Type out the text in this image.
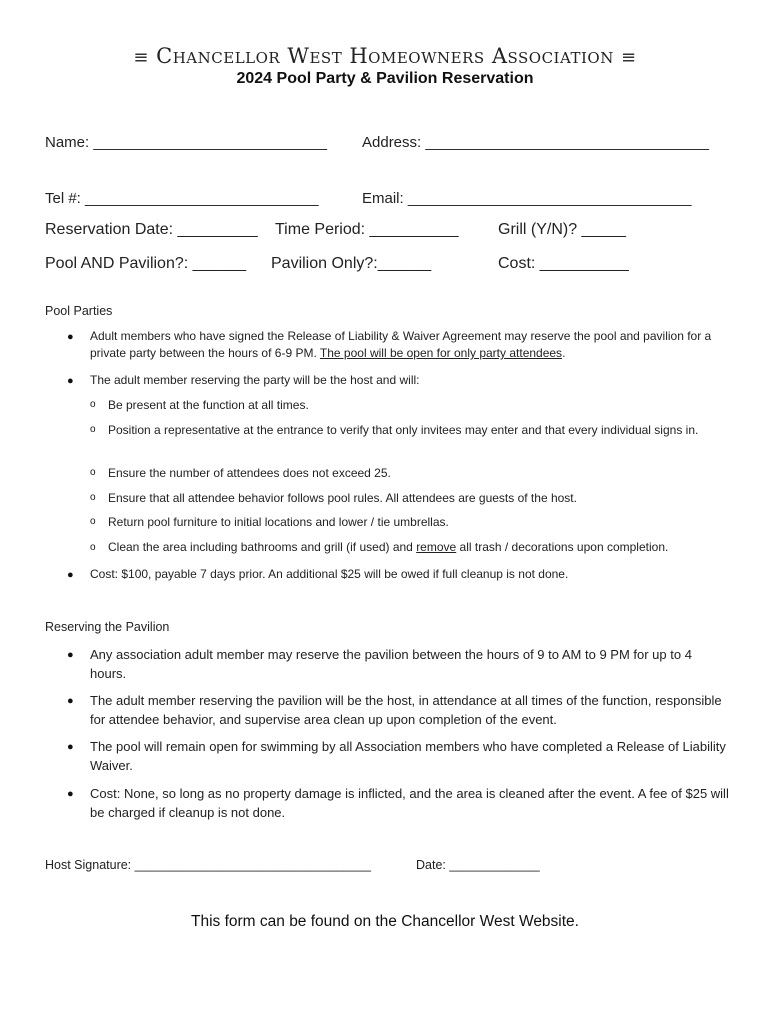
≡ Chancellor West Homeowners Association ≡
2024 Pool Party & Pavilion Reservation
Name: ____________________________ Address: __________________________________
Tel #: ____________________________	Email: __________________________________
Reservation Date: _________ Time Period: __________ Grill (Y/N)? _____
Pool AND Pavilion?: ______ Pavilion Only?:______	Cost: __________
Pool Parties
● Adult members who have signed the Release of Liability & Waiver Agreement may reserve the pool and pavilion for a private party between the hours of 6-9 PM. The pool will be open for only party attendees.
● The adult member reserving the party will be the host and will:
o Be present at the function at all times.
o Position a representative at the entrance to verify that only invitees may enter and that every individual signs in.
o Ensure the number of attendees does not exceed 25.
o Ensure that all attendee behavior follows pool rules. All attendees are guests of the host.
o Return pool furniture to initial locations and lower / tie umbrellas.
o Clean the area including bathrooms and grill (if used) and remove all trash / decorations upon completion.
● Cost: $100, payable 7 days prior. An additional $25 will be owed if full cleanup is not done.
Reserving the Pavilion
● Any association adult member may reserve the pavilion between the hours of 9 to AM to 9 PM for up to 4 hours.
● The adult member reserving the pavilion will be the host, in attendance at all times of the function, responsible for attendee behavior, and supervise area clean up upon completion of the event.
● The pool will remain open for swimming by all Association members who have completed a Release of Liability Waiver.
● Cost: None, so long as no property damage is inflicted, and the area is cleaned after the event. A fee of $25 will be charged if cleanup is not done.
Host Signature: __________________________________	Date: _____________
This form can be found on the Chancellor West Website.
